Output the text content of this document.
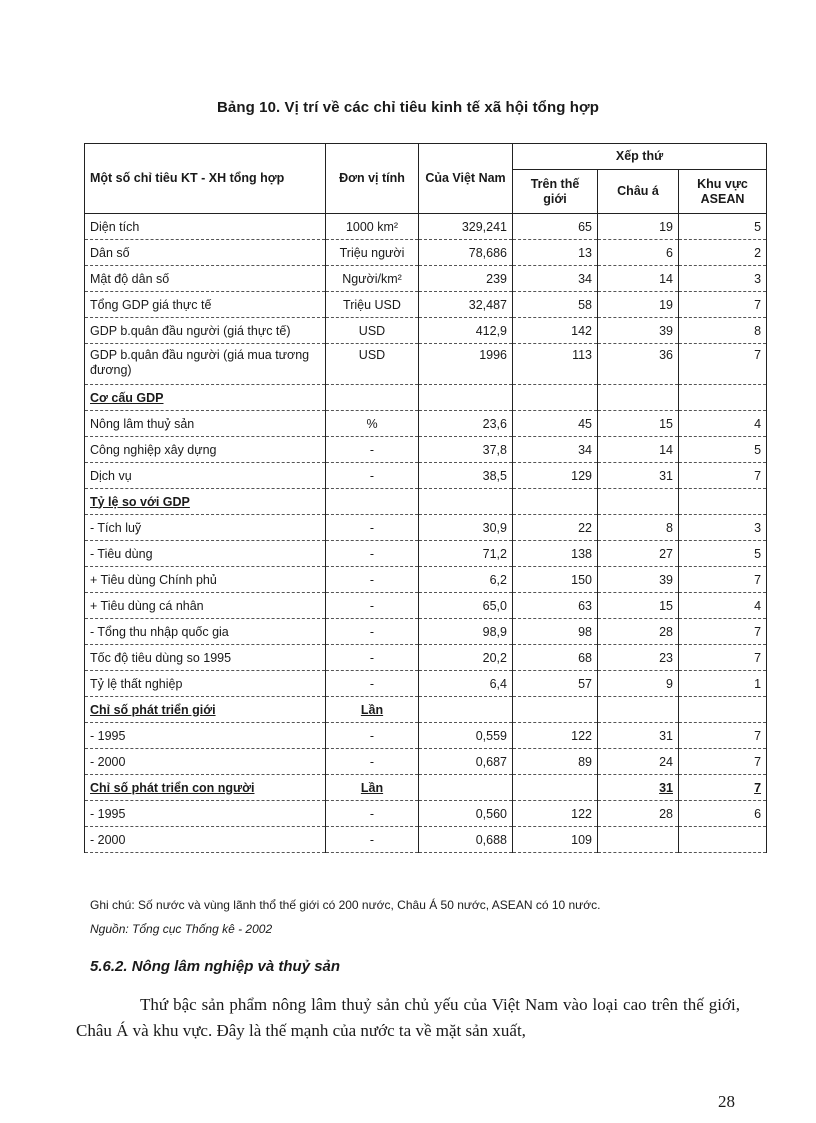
Bảng 10. Vị trí về các chỉ tiêu kinh tế xã hội tổng hợp
Một số chỉ tiêu KT - XH tổng hợp	Đơn vị tính	Của Việt Nam	Xếp thứ		
			Trên thế giới	Châu á	Khu vực ASEAN
Diện tích	1000 km²	329,241	65	19	5
Dân số	Triệu người	78,686	13	6	2
Mật độ dân số	Người/km²	239	34	14	3
Tổng GDP giá thực tế	Triệu USD	32,487	58	19	7
GDP b.quân đầu người (giá thực tế)	USD	412,9	142	39	8
GDP b.quân đầu người (giá mua tương đương)	USD	1996	113	36	7
Cơ cấu GDP					
Nông lâm thuỷ sản	%	23,6	45	15	4
Công nghiệp xây dựng	-	37,8	34	14	5
Dịch vụ	-	38,5	129	31	7
Tỷ lệ so với GDP					
- Tích luỹ	-	30,9	22	8	3
- Tiêu dùng	-	71,2	138	27	5
+ Tiêu dùng Chính phủ	-	6,2	150	39	7
+ Tiêu dùng cá nhân	-	65,0	63	15	4
- Tổng thu nhập quốc gia	-	98,9	98	28	7
Tốc độ tiêu dùng so 1995	-	20,2	68	23	7
Tỷ lệ thất nghiệp	-	6,4	57	9	1
Chỉ số phát triển giới	Lần				
- 1995	-	0,559	122	31	7
- 2000	-	0,687	89	24	7
Chỉ số phát triển con người	Lần			31	7
- 1995	-	0,560	122	28	6
- 2000	-	0,688	109		
Ghi chú: Số nước và vùng lãnh thổ thế giới có 200 nước, Châu Á 50 nước, ASEAN có 10 nước.
Nguồn: Tổng cục Thống kê - 2002
5.6.2. Nông lâm nghiệp và thuỷ sản
Thứ bậc sản phẩm nông lâm thuỷ sản chủ yếu của Việt Nam vào loại cao trên thế giới, Châu Á và khu vực. Đây là thế mạnh của nước ta về mặt sản xuất,
28
